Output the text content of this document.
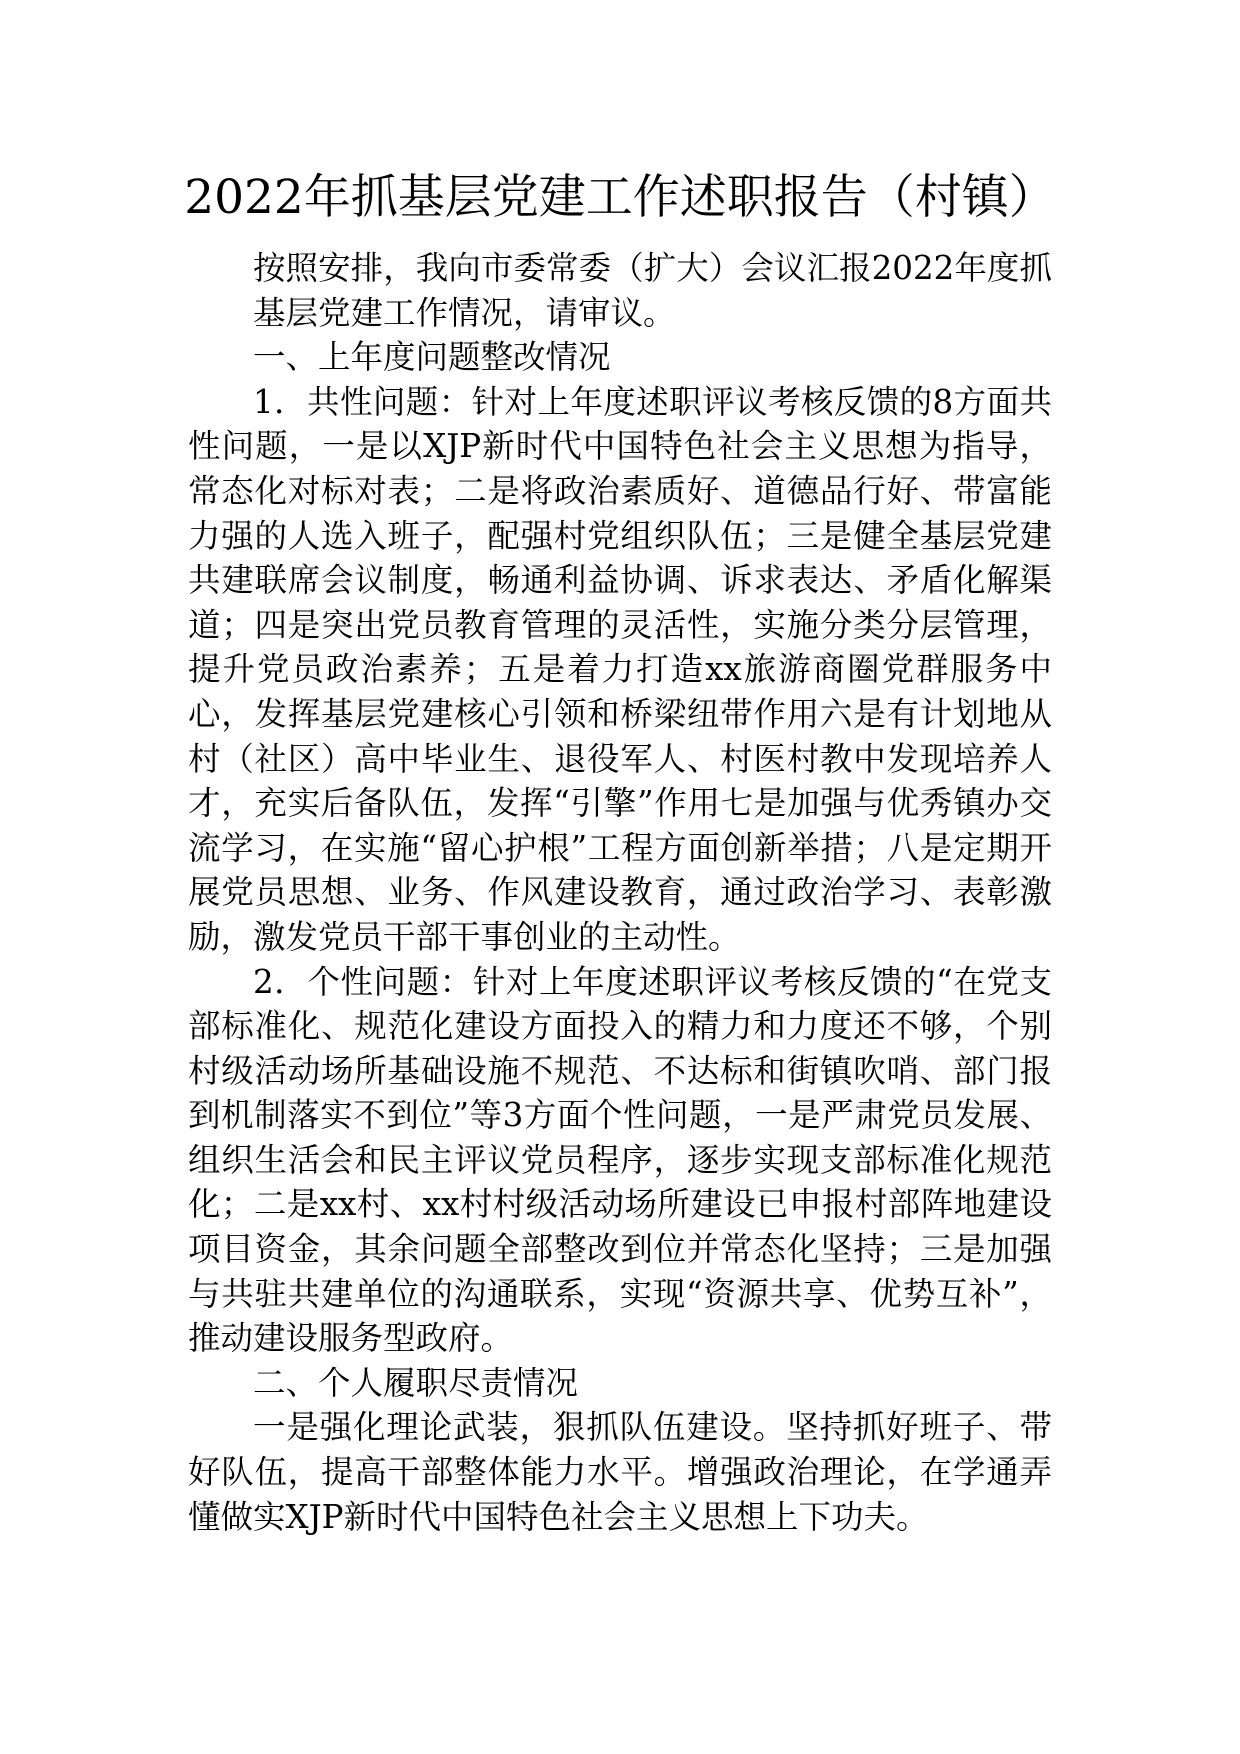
2022年抓基层党建工作述职报告（村镇）

按照安排，我向市委常委（扩大）会议汇报2022年度抓基层党建工作情况，请审议。

一、上年度问题整改情况

1．共性问题：针对上年度述职评议考核反馈的8方面共性问题，一是以XJP新时代中国特色社会主义思想为指导，常态化对标对表；二是将政治素质好、道德品行好、带富能力强的人选入班子，配强村党组织队伍；三是健全基层党建共建联席会议制度，畅通利益协调、诉求表达、矛盾化解渠道；四是突出党员教育管理的灵活性，实施分类分层管理，提升党员政治素养；五是着力打造xx旅游商圈党群服务中心，发挥基层党建核心引领和桥梁纽带作用六是有计划地从村（社区）高中毕业生、退役军人、村医村教中发现培养人才，充实后备队伍，发挥“引擎”作用七是加强与优秀镇办交流学习，在实施“留心护根”工程方面创新举措；八是定期开展党员思想、业务、作风建设教育，通过政治学习、表彰激励，激发党员干部干事创业的主动性。

2．个性问题：针对上年度述职评议考核反馈的“在党支部标准化、规范化建设方面投入的精力和力度还不够，个别村级活动场所基础设施不规范、不达标和街镇吹哨、部门报到机制落实不到位”等3方面个性问题，一是严肃党员发展、组织生活会和民主评议党员程序，逐步实现支部标准化规范化；二是xx村、xx村村级活动场所建设已申报村部阵地建设项目资金，其余问题全部整改到位并常态化坚持；三是加强与共驻共建单位的沟通联系，实现“资源共享、优势互补”，推动建设服务型政府。

二、个人履职尽责情况

一是强化理论武装，狠抓队伍建设。坚持抓好班子、带好队伍，提高干部整体能力水平。增强政治理论，在学通弄懂做实XJP新时代中国特色社会主义思想上下功夫。
